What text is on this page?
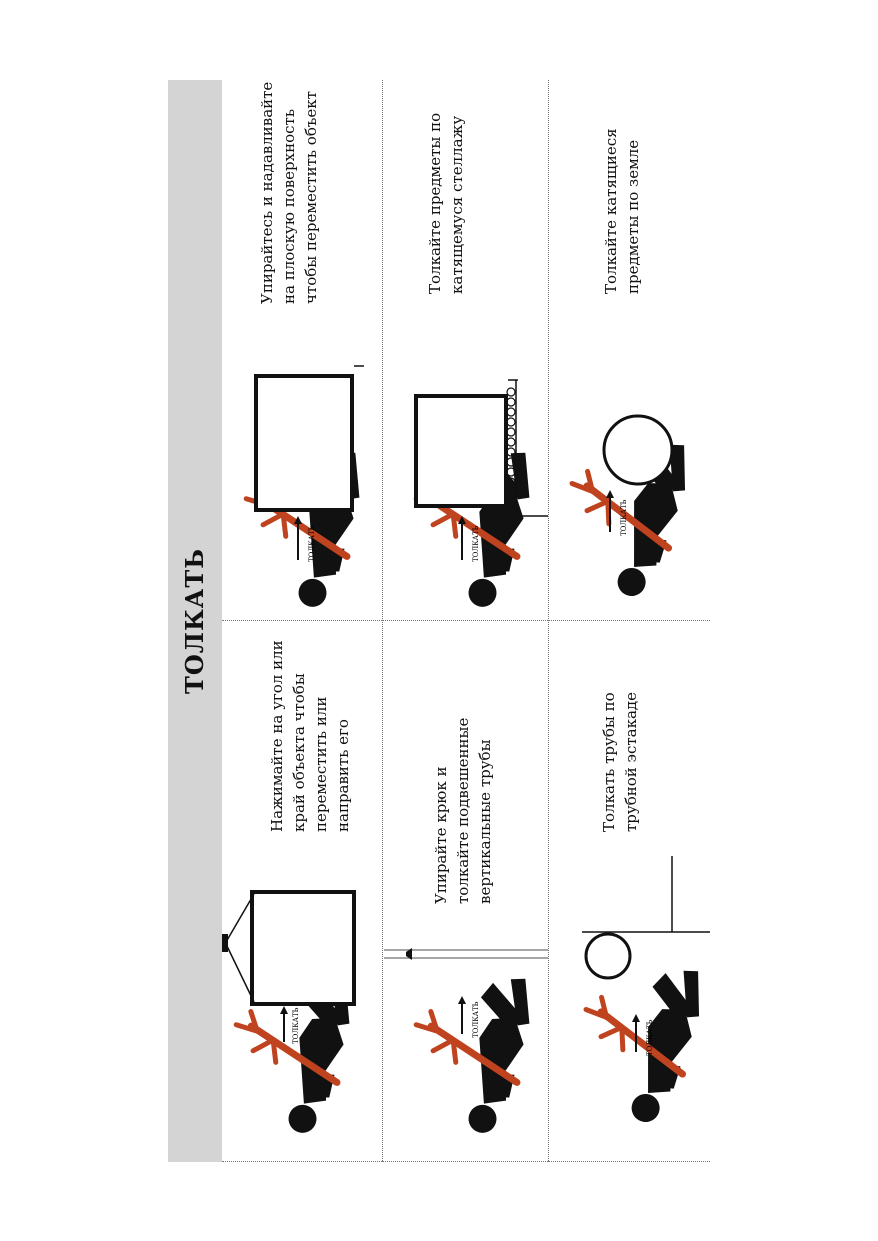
ТОЛКАТЬ
ТОЛКАТЬ
Нажимайте на угол или
край объекта чтобы
переместить или
направить его
ТОЛКАТЬ
Упирайтесь и надавливайте
на плоскую поверхность
чтобы переместить объект
ТОЛКАТЬ
Упирайте крюк и
толкайте подвешенные
вертикальные трубы
ТОЛКАТЬ
Толкайте предметы по
катящемуся стеллажу
ТОЛКАТЬ
Толкать трубы по
трубной эстакаде
ТОЛКАТЬ
Толкайте катящиеся
предметы по земле
